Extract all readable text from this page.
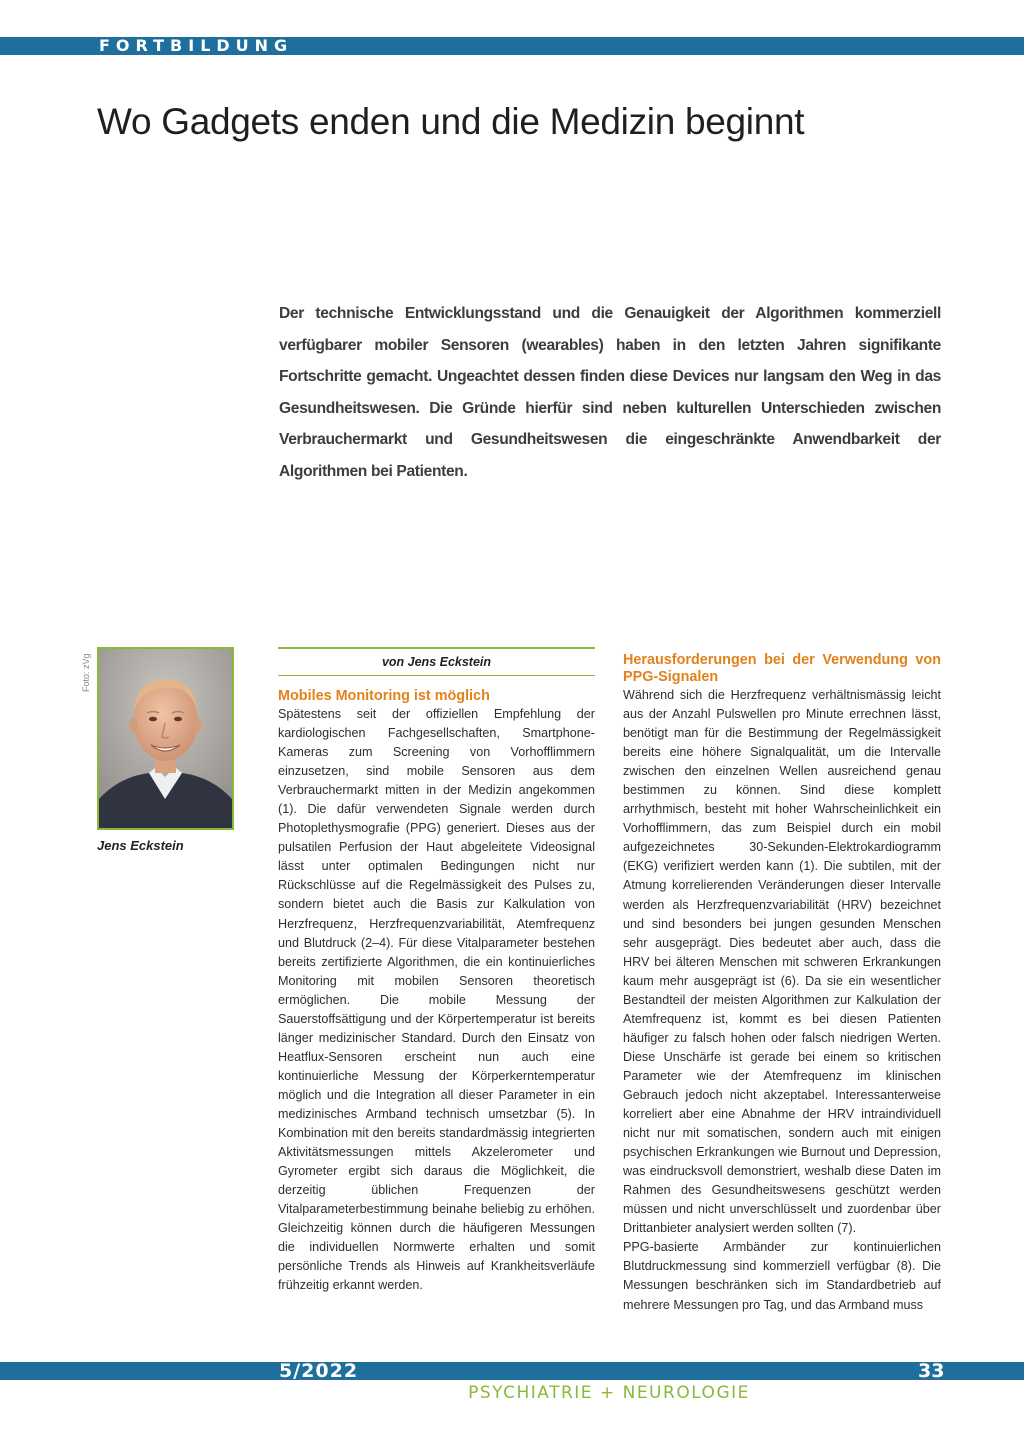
FORTBILDUNG
Wo Gadgets enden und die Medizin beginnt

Der technische Entwicklungsstand und die Genauigkeit der Algorithmen kommerziell verfügbarer mobiler Sensoren (wearables) haben in den letzten Jahren signifikante Fortschritte gemacht. Ungeachtet dessen finden diese Devices nur langsam den Weg in das Gesundheitswesen. Die Gründe hierfür sind neben kulturellen Unterschieden zwischen Verbrauchermarkt und Gesundheitswesen die eingeschränkte Anwendbarkeit der Algorithmen bei Patienten.

Foto: zVg
Jens Eckstein
von Jens Eckstein
Mobiles Monitoring ist möglich

Spätestens seit der offiziellen Empfehlung der kardiologischen Fachgesellschaften, Smartphone-Kameras zum Screening von Vorhofflimmern einzusetzen, sind mobile Sensoren aus dem Verbrauchermarkt mitten in der Medizin angekommen (1). Die dafür verwendeten Signale werden durch Photoplethysmografie (PPG) generiert. Dieses aus der pulsatilen Perfusion der Haut abgeleitete Videosignal lässt unter optimalen Bedingungen nicht nur Rückschlüsse auf die Regelmässigkeit des Pulses zu, sondern bietet auch die Basis zur Kalkulation von Herzfrequenz, Herzfrequenzvariabilität, Atemfrequenz und Blutdruck (2–4). Für diese Vitalparameter bestehen bereits zertifizierte Algorithmen, die ein kontinuierliches Monitoring mit mobilen Sensoren theoretisch ermöglichen. Die mobile Messung der Sauerstoffsättigung und der Körpertemperatur ist bereits länger medizinischer Standard. Durch den Einsatz von Heatflux-Sensoren erscheint nun auch eine kontinuierliche Messung der Körperkerntemperatur möglich und die Integration all dieser Parameter in ein medizinisches Armband technisch umsetzbar (5). In Kombination mit den bereits standardmässig integrierten Aktivitätsmessungen mittels Akzelerometer und Gyrometer ergibt sich daraus die Möglichkeit, die derzeitig üblichen Frequenzen der Vitalparameterbestimmung beinahe beliebig zu erhöhen. Gleichzeitig können durch die häufigeren Messungen die individuellen Normwerte erhalten und somit persönliche Trends als Hinweis auf Krankheitsverläufe frühzeitig erkannt werden.

Herausforderungen bei der Verwendung von PPG-Signalen

Während sich die Herzfrequenz verhältnismässig leicht aus der Anzahl Pulswellen pro Minute errechnen lässt, benötigt man für die Bestimmung der Regelmässigkeit bereits eine höhere Signalqualität, um die Intervalle zwischen den einzelnen Wellen ausreichend genau bestimmen zu können. Sind diese komplett arrhythmisch, besteht mit hoher Wahrscheinlichkeit ein Vorhofflimmern, das zum Beispiel durch ein mobil aufgezeichnetes 30-Sekunden-Elektrokardiogramm (EKG) verifiziert werden kann (1). Die subtilen, mit der Atmung korrelierenden Veränderungen dieser Intervalle werden als Herzfrequenzvariabilität (HRV) bezeichnet und sind besonders bei jungen gesunden Menschen sehr ausgeprägt. Dies bedeutet aber auch, dass die HRV bei älteren Menschen mit schweren Erkrankungen kaum mehr ausgeprägt ist (6). Da sie ein wesentlicher Bestandteil der meisten Algorithmen zur Kalkulation der Atemfrequenz ist, kommt es bei diesen Patienten häufiger zu falsch hohen oder falsch niedrigen Werten. Diese Unschärfe ist gerade bei einem so kritischen Parameter wie der Atemfrequenz im klinischen Gebrauch jedoch nicht akzeptabel. Interessanterweise korreliert aber eine Abnahme der HRV intraindividuell nicht nur mit somatischen, sondern auch mit einigen psychischen Erkrankungen wie Burnout und Depression, was eindrucksvoll demonstriert, weshalb diese Daten im Rahmen des Gesundheitswesens geschützt werden müssen und nicht unverschlüsselt und zuordenbar über Drittanbieter analysiert werden sollten (7).

PPG-basierte Armbänder zur kontinuierlichen Blutdruckmessung sind kommerziell verfügbar (8). Die Messungen beschränken sich im Standardbetrieb auf mehrere Messungen pro Tag, und das Armband muss

5/2022	33
PSYCHIATRIE + NEUROLOGIE
